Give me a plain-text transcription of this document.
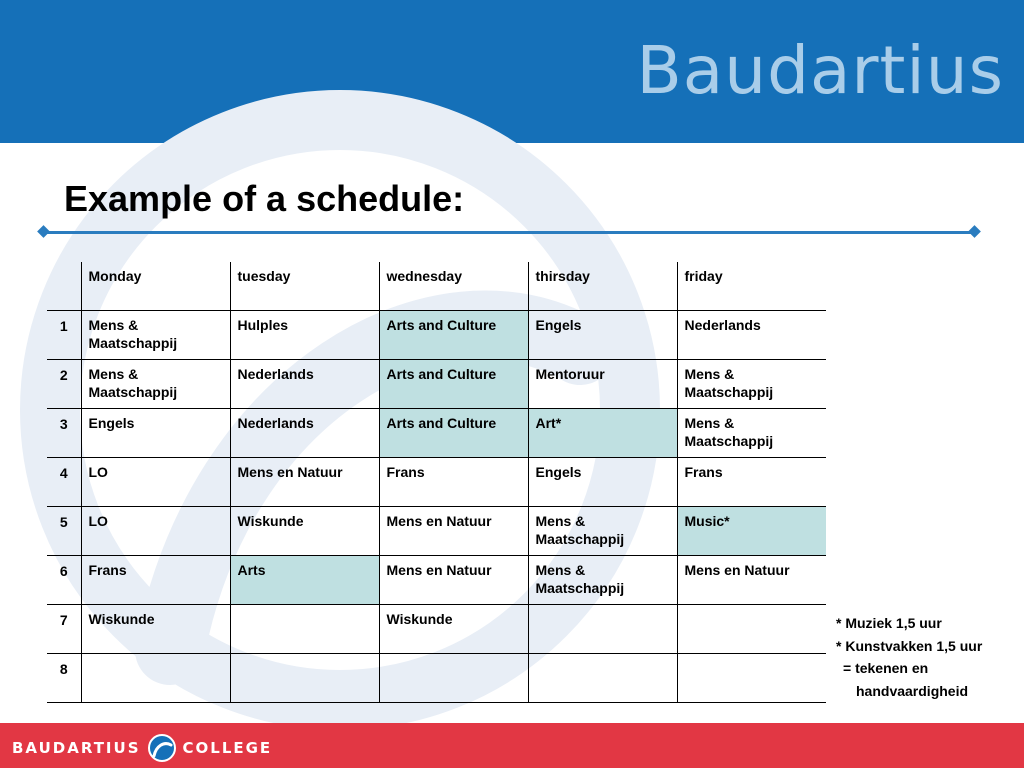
Baudartius
Example of a schedule:

	Monday	tuesday	wednesday	thirsday	friday

1	Mens & Maatschappij	Hulples	Arts and Culture	Engels	Nederlands

2	Mens & Maatschappij	Nederlands	Arts and Culture	Mentoruur	Mens & Maatschappij

3	Engels	Nederlands	Arts and Culture	Art*	Mens & Maatschappij

4	LO	Mens en Natuur	Frans	Engels	Frans

5	LO	Wiskunde	Mens en Natuur	Mens & Maatschappij	Music*

6	Frans	Arts	Mens en Natuur	Mens & Maatschappij	Mens en Natuur

7	Wiskunde		Wiskunde		

8					

* Muziek 1,5 uur
* Kunstvakken 1,5 uur
= tekenen en
handvaardigheid
BAUDARTIUS	COLLEGE
